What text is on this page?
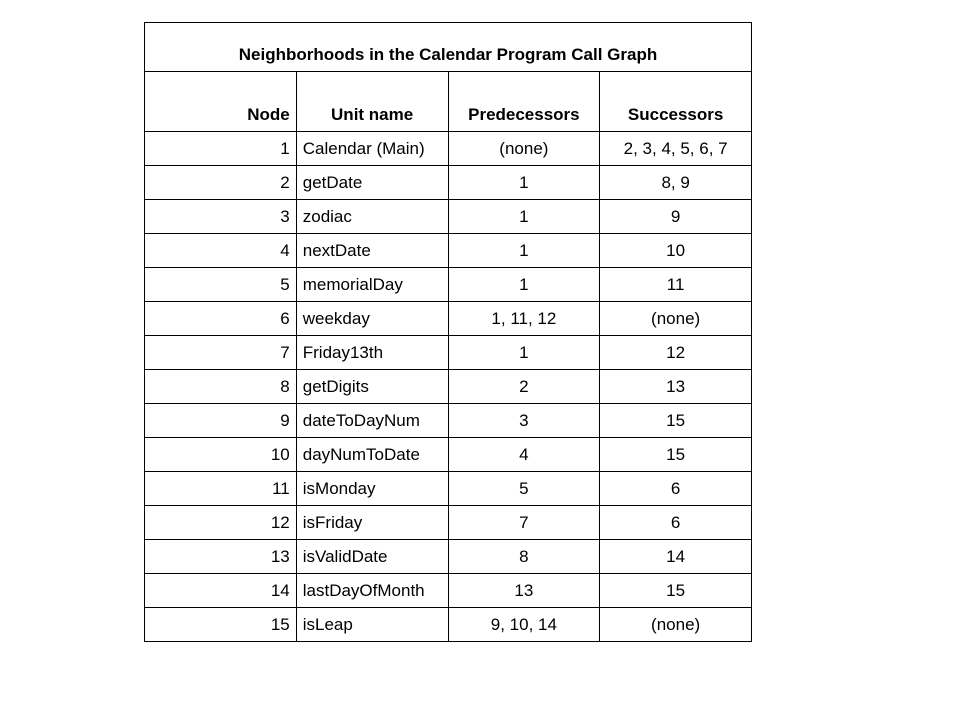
Neighborhoods in the Calendar Program Call Graph			
Node	Unit name	Predecessors	Successors
1	Calendar (Main)	(none)	2, 3, 4, 5, 6, 7
2	getDate	1	8, 9
3	zodiac	1	9
4	nextDate	1	10
5	memorialDay	1	11
6	weekday	1, 11, 12	(none)
7	Friday13th	1	12
8	getDigits	2	13
9	dateToDayNum	3	15
10	dayNumToDate	4	15
11	isMonday	5	6
12	isFriday	7	6
13	isValidDate	8	14
14	lastDayOfMonth	13	15
15	isLeap	9, 10, 14	(none)
